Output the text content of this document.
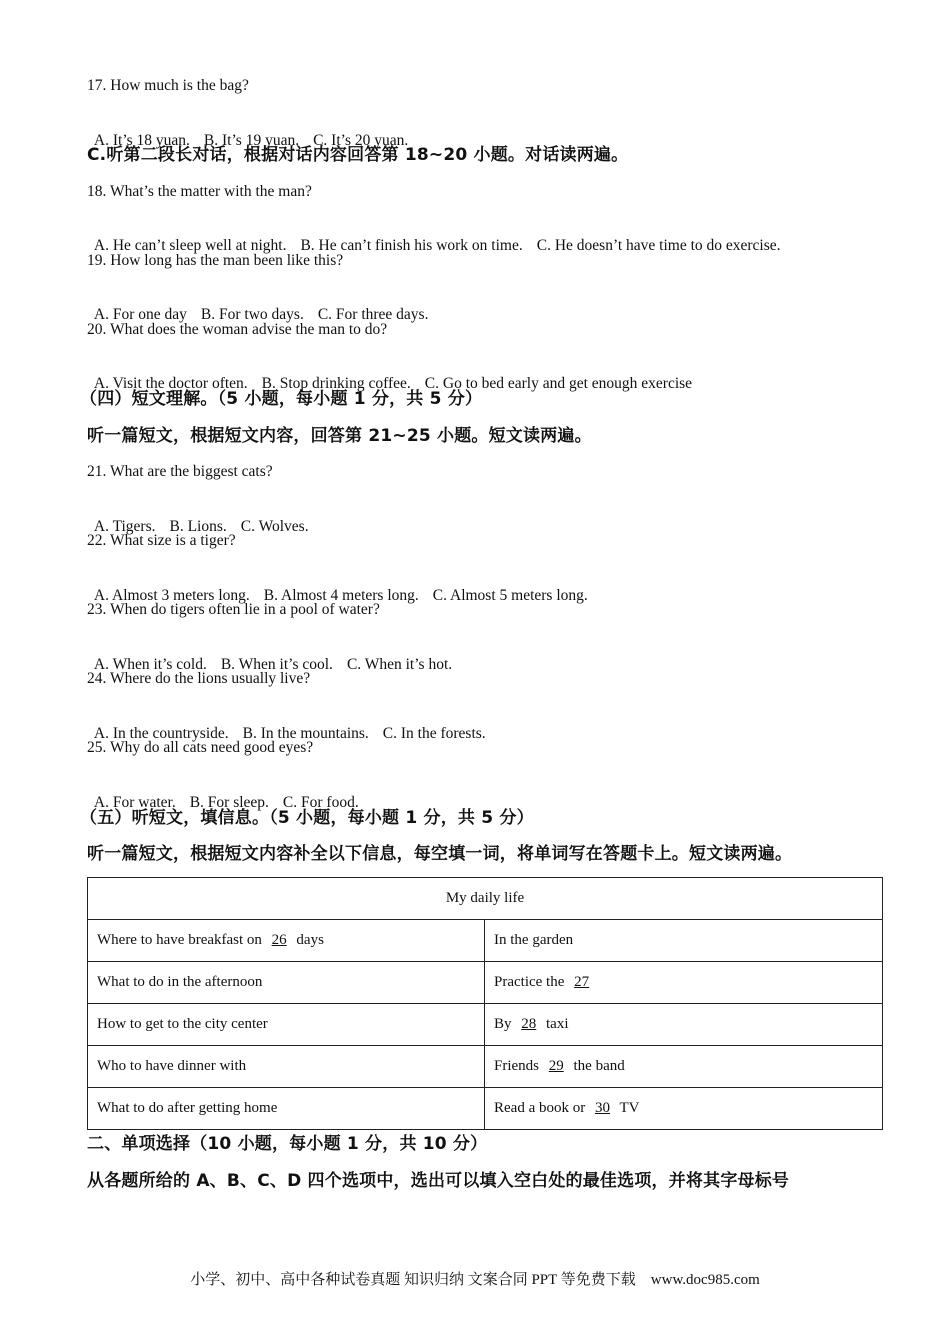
17. How much is the bag?

A. It’s 18 yuan. B. It’s 19 yuan. C. It’s 20 yuan.

C.听第二段长对话，根据对话内容回答第 18~20 小题。对话读两遍。
18. What’s the matter with the man?

A. He can’t sleep well at night. B. He can’t finish his work on time. C. He doesn’t have time to do exercise.

19. How long has the man been like this?

A. For one day B. For two days. C. For three days.

20. What does the woman advise the man to do?

A. Visit the doctor often. B. Stop drinking coffee. C. Go to bed early and get enough exercise

（四）短文理解。（5 小题，每小题 1 分，共 5 分）
听一篇短文，根据短文内容，回答第 21~25 小题。短文读两遍。
21. What are the biggest cats?

A. Tigers. B. Lions. C. Wolves.

22. What size is a tiger?

A. Almost 3 meters long. B. Almost 4 meters long. C. Almost 5 meters long.

23. When do tigers often lie in a pool of water?

A. When it’s cold. B. When it’s cool. C. When it’s hot.

24. Where do the lions usually live?

A. In the countryside. B. In the mountains. C. In the forests.

25. Why do all cats need good eyes?

A. For water. B. For sleep. C. For food.

（五）听短文，填信息。（5 小题，每小题 1 分，共 5 分）
听一篇短文，根据短文内容补全以下信息，每空填一词，将单词写在答题卡上。短文读两遍。
My daily life	
Where to have breakfast on 26 days	In the garden
What to do in the afternoon	Practice the 27
How to get to the city center	By 28 taxi
Who to have dinner with	Friends 29 the band
What to do after getting home	Read a book or 30 TV
二、单项选择（10 小题，每小题 1 分，共 10 分）
从各题所给的 A、B、C、D 四个选项中，选出可以填入空白处的最佳选项，并将其字母标号
小学、初中、高中各种试卷真题 知识归纳 文案合同 PPT 等免费下载 www.doc985.com
